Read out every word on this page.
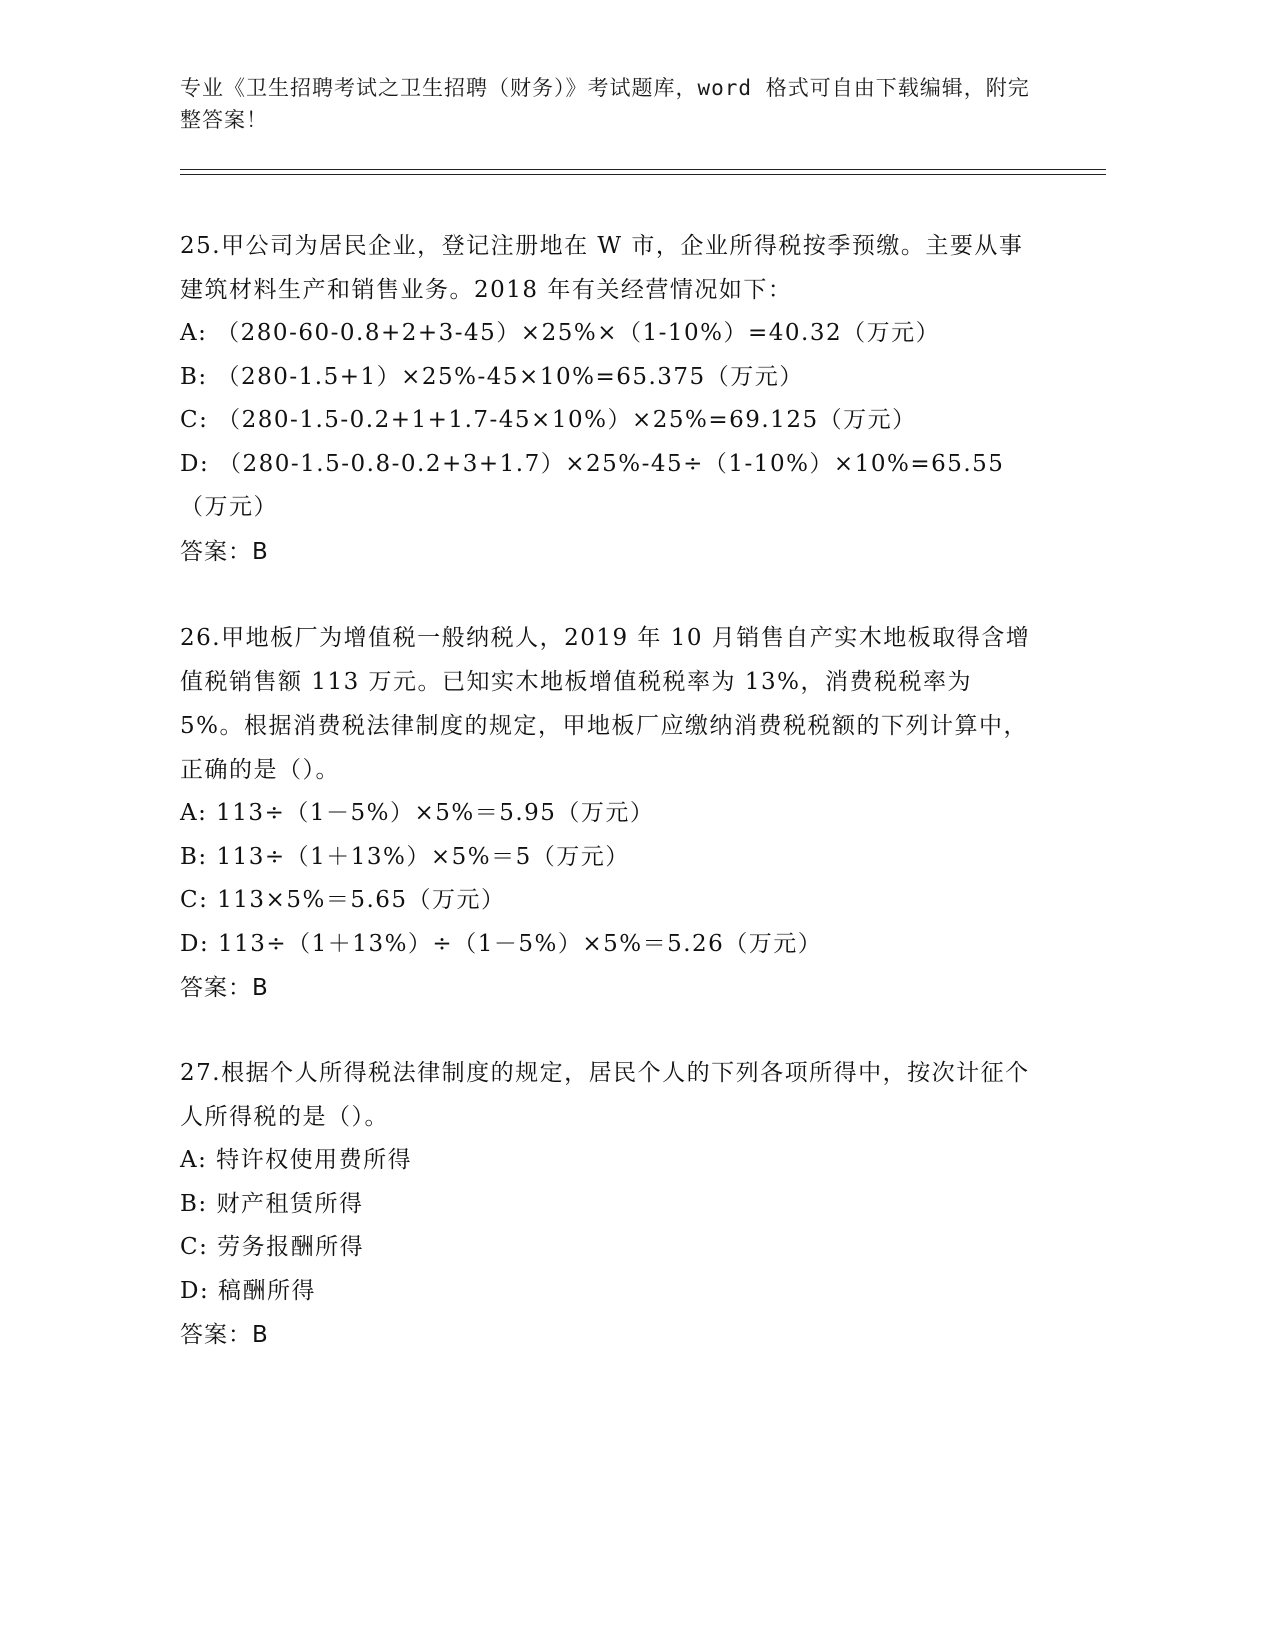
专业《卫生招聘考试之卫生招聘（财务）》考试题库，word 格式可自由下载编辑，附完整答案！
25.甲公司为居民企业，登记注册地在 W 市，企业所得税按季预缴。主要从事建筑材料生产和销售业务。2018 年有关经营情况如下：
A: （280-60-0.8+2+3-45）×25%×（1-10%）=40.32（万元）
B: （280-1.5+1）×25%-45×10%=65.375（万元）
C: （280-1.5-0.2+1+1.7-45×10%）×25%=69.125（万元）
D: （280-1.5-0.8-0.2+3+1.7）×25%-45÷（1-10%）×10%=65.55（万元）
答案：B
26.甲地板厂为增值税一般纳税人，2019 年 10 月销售自产实木地板取得含增值税销售额 113 万元。已知实木地板增值税税率为 13%，消费税税率为 5%。根据消费税法律制度的规定，甲地板厂应缴纳消费税税额的下列计算中，正确的是（）。
A: 113÷（1－5%）×5%＝5.95（万元）
B: 113÷（1＋13%）×5%＝5（万元）
C: 113×5%＝5.65（万元）
D: 113÷（1＋13%）÷（1－5%）×5%＝5.26（万元）
答案：B
27.根据个人所得税法律制度的规定，居民个人的下列各项所得中，按次计征个人所得税的是（）。
A: 特许权使用费所得
B: 财产租赁所得
C: 劳务报酬所得
D: 稿酬所得
答案：B
